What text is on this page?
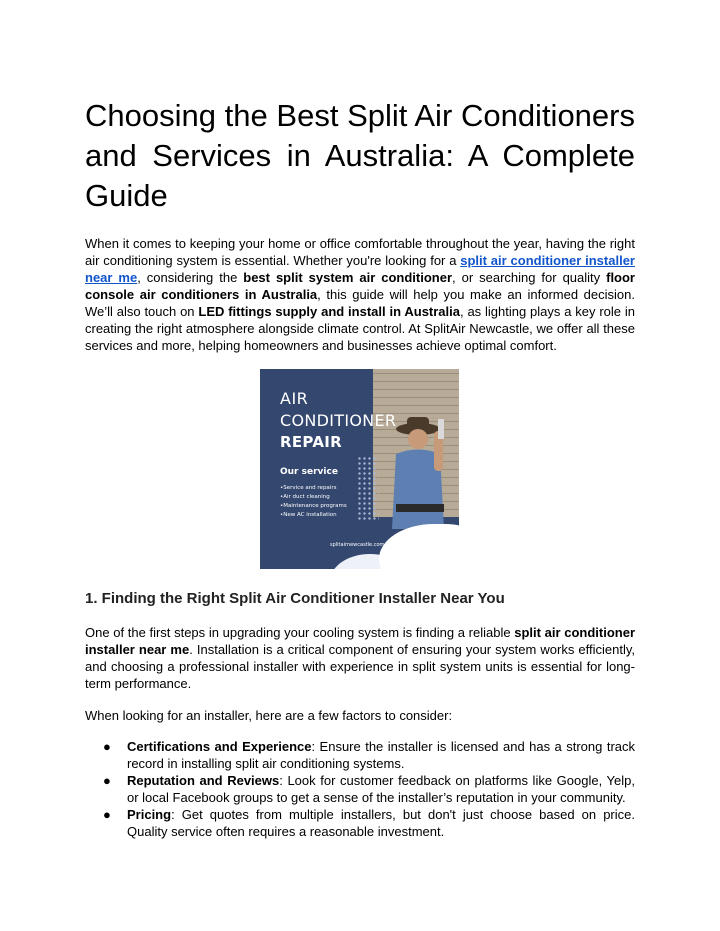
Choosing the Best Split Air Conditioners and Services in Australia: A Complete Guide

When it comes to keeping your home or office comfortable throughout the year, having the right air conditioning system is essential. Whether you're looking for a split air conditioner installer near me, considering the best split system air conditioner, or searching for quality floor console air conditioners in Australia, this guide will help you make an informed decision. We’ll also touch on LED fittings supply and install in Australia, as lighting plays a key role in creating the right atmosphere alongside climate control. At SplitAir Newcastle, we offer all these services and more, helping homeowners and businesses achieve optimal comfort.

AIR
CONDITIONER
REPAIR
Our service
• Service and repairs
• Air duct cleaning
• Maintenance programs
• New AC installation
splitairnewcastle.com.au
1. Finding the Right Split Air Conditioner Installer Near You

One of the first steps in upgrading your cooling system is finding a reliable split air conditioner installer near me. Installation is a critical component of ensuring your system works efficiently, and choosing a professional installer with experience in split system units is essential for long-term performance.

When looking for an installer, here are a few factors to consider:

● Certifications and Experience: Ensure the installer is licensed and has a strong track record in installing split air conditioning systems.
● Reputation and Reviews: Look for customer feedback on platforms like Google, Yelp, or local Facebook groups to get a sense of the installer’s reputation in your community.
● Pricing: Get quotes from multiple installers, but don't just choose based on price. Quality service often requires a reasonable investment.
